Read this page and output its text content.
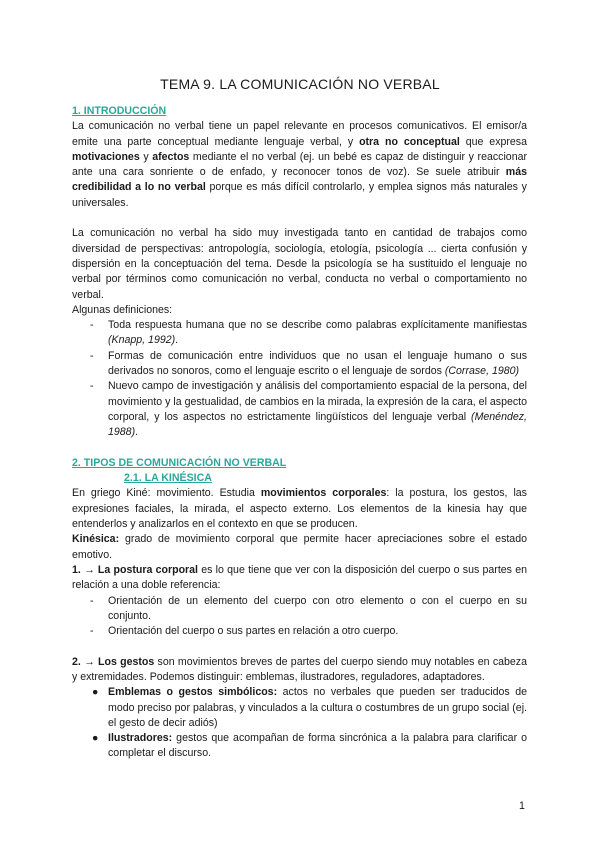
TEMA 9. LA COMUNICACIÓN NO VERBAL

1. INTRODUCCIÓN

La comunicación no verbal tiene un papel relevante en procesos comunicativos. El emisor/a emite una parte conceptual mediante lenguaje verbal, y otra no conceptual que expresa motivaciones y afectos mediante el no verbal (ej. un bebé es capaz de distinguir y reaccionar ante una cara sonriente o de enfado, y reconocer tonos de voz). Se suele atribuir más credibilidad a lo no verbal porque es más difícil controlarlo, y emplea signos más naturales y universales.

La comunicación no verbal ha sido muy investigada tanto en cantidad de trabajos como diversidad de perspectivas: antropología, sociología, etología, psicología ... cierta confusión y dispersión en la conceptuación del tema. Desde la psicología se ha sustituido el lenguaje no verbal por términos como comunicación no verbal, conducta no verbal o comportamiento no verbal.

Algunas definiciones:

- Toda respuesta humana que no se describe como palabras explícitamente manifiestas (Knapp, 1992).
- Formas de comunicación entre individuos que no usan el lenguaje humano o sus derivados no sonoros, como el lenguaje escrito o el lenguaje de sordos (Corrase, 1980)
- Nuevo campo de investigación y análisis del comportamiento espacial de la persona, del movimiento y la gestualidad, de cambios en la mirada, la expresión de la cara, el aspecto corporal, y los aspectos no estrictamente lingüísticos del lenguaje verbal (Menéndez, 1988).

2. TIPOS DE COMUNICACIÓN NO VERBAL

2.1. LA KINÉSICA

En griego Kiné: movimiento. Estudia movimientos corporales: la postura, los gestos, las expresiones faciales, la mirada, el aspecto externo. Los elementos de la kinesia hay que entenderlos y analizarlos en el contexto en que se producen.

Kinésica: grado de movimiento corporal que permite hacer apreciaciones sobre el estado emotivo.

1. → La postura corporal es lo que tiene que ver con la disposición del cuerpo o sus partes en relación a una doble referencia:

- Orientación de un elemento del cuerpo con otro elemento o con el cuerpo en su conjunto.
- Orientación del cuerpo o sus partes en relación a otro cuerpo.

2. → Los gestos son movimientos breves de partes del cuerpo siendo muy notables en cabeza y extremidades. Podemos distinguir: emblemas, ilustradores, reguladores, adaptadores.

● Emblemas o gestos simbólicos: actos no verbales que pueden ser traducidos de modo preciso por palabras, y vinculados a la cultura o costumbres de un grupo social (ej. el gesto de decir adiós)
● Ilustradores: gestos que acompañan de forma sincrónica a la palabra para clarificar o completar el discurso.
1
